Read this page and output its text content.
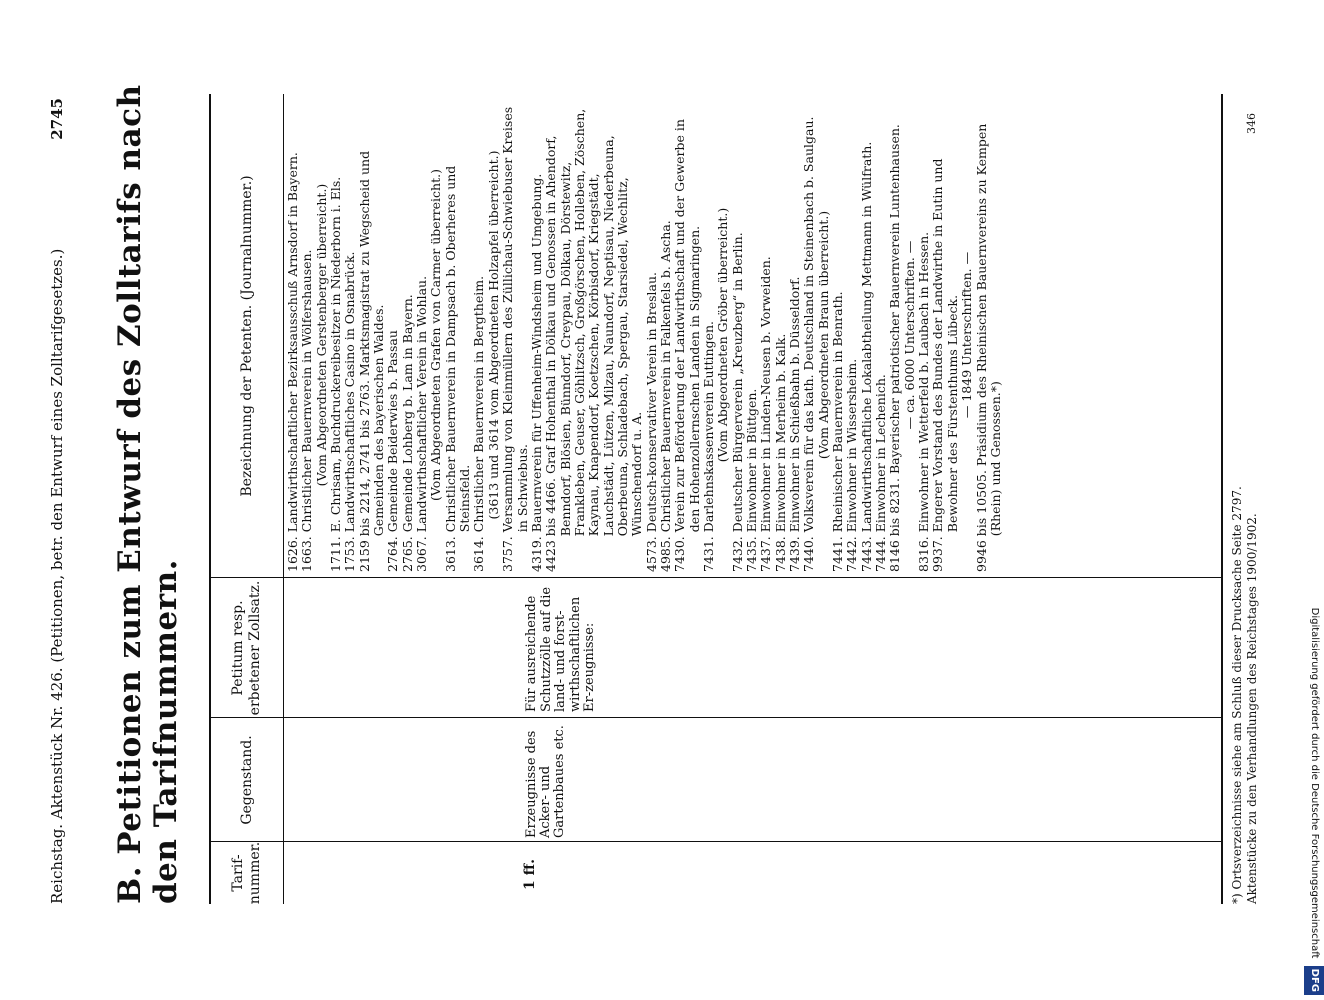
Reichstag. Aktenstück Nr. 426. (Petitionen, betr. den Entwurf eines Zolltarifgesetzes.)
2745 B. Petitionen zum Entwurf des Zolltarifs nach den Tarifnummern.	Tarif-nummer.
Gegenstand.
Petitum resp. erbetener Zollsatz.
Bezeichnung der Petenten. (Journalnummer.)
1 ff.
Erzeugnisse des Acker- und Gartenbaues etc.
Für ausreichende Schutzzölle auf die land- und forst-wirthschaftlichen Er-zeugnisse:
1626.
Landwirthschaftlicher Bezirksausschuß Arnsdorf in Bayern.
1663.
Christlicher Bauernverein in Wölfershausen. (Vom Abgeordneten Gerstenberger überreicht.)
1711.
E. Chrisam, Buchdruckereibesitzer in Niederborn i. Els.
1753.
Landwirthschaftliches Casino in Osnabrück.
2159
bis 2214, 2741 bis 2763. Marktsmagistrat zu Wegscheid und Gemeinden des bayerischen Waldes.
2764.
Gemeinde Beiderwies b. Passau
2765.
Gemeinde Lohberg b. Lam in Bayern.
3067.
Landwirthschaftlicher Verein in Wohlau. (Vom Abgeordneten Grafen von Carmer überreicht.)
3613.
Christlicher Bauernverein in Dampsach b. Oberheres und Steinsfeld.
3614.
Christlicher Bauernverein in Bergtheim. (3613 und 3614 vom Abgeordneten Holzapfel überreicht.)
3757.
Versammlung von Kleinmüllern des Züllichau-Schwiebuser Kreises in Schwiebus.
4319.
Bauernverein für Uffenheim-Windsheim und Umgebung.
4423
bis 4466. Graf Hohenthal in Dölkau und Genossen in Ahendorf, Benndorf, Blösien, Bünndorf, Creypau, Dölkau, Dörstewitz, Frankleben, Geuser, Göhlitzsch, Großgörschen, Holleben, Zöschen, Kaynau, Knapendorf, Koetzschen, Körbisdorf, Kriegstädt, Lauchstädt, Lützen, Milzau, Naundorf, Neptisau, Niederbeuna, Oberbeuna, Schladebach, Spergau, Starsiedel, Wechlitz, Wünschendorf u. A.
4573.
Deutsch-konservativer Verein in Breslau.
4985.
Christlicher Bauernverein in Falkenfels b. Ascha.
7430.
Verein zur Beförderung der Landwirthschaft und der Gewerbe in den Hohenzollernschen Landen in Sigmaringen.
7431.
Darlehnskassenverein Euttingen. (Vom Abgeordneten Gröber überreicht.)
7432.
Deutscher Bürgerverein „Kreuzberg“ in Berlin.
7435.
Einwohner in Büttgen.
7437.
Einwohner in Linden-Neusen b. Vorweiden.
7438.
Einwohner in Merheim b. Kalk.
7439.
Einwohner in Schießbahn b. Düsseldorf.
7440.
Volksverein für das kath. Deutschland in Steinenbach b. Saulgau. (Vom Abgeordneten Braun überreicht.)
7441.
Rheinischer Bauernverein in Benrath.
7442.
Einwohner in Wissersheim.
7443.
Landwirthschaftliche Lokalabtheilung Mettmann in Wülfrath.
7444.
Einwohner in Lechenich.
8146
bis 8231. Bayerischer patriotischer Bauernverein Luntenhausen. — ca. 6000 Unterschriften. —
8316.
Einwohner in Wetterfeld b. Laubach in Hessen.
9937.
Engerer Vorstand des Bundes der Landwirthe in Eutin und Bewohner des Fürstenthums Lübeck. — 1849 Unterschriften. —
9946
bis 10505. Präsidium des Rheinischen Bauernvereins zu Kempen (Rhein) und Genossen.*)
*) Ortsverzeichnisse siehe am Schluß dieser Drucksache Seite 2797. Aktenstücke zu den Verhandlungen des Reichstages 1900/1902.
346
Digitalisierung gefördert durch die Deutsche Forschungsgemeinschaft DFG
